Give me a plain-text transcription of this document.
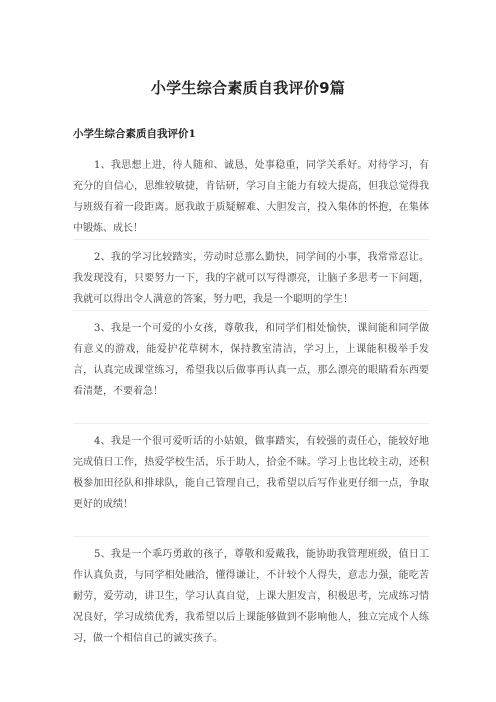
小学生综合素质自我评价9篇
小学生综合素质自我评价1

1、我思想上进，待人随和、诚恳，处事稳重，同学关系好。对待学习，有充分的自信心，思维较敏捷，肯钻研，学习自主能力有较大提高，但我总觉得我与班级有着一段距离。愿我敢于质疑解难、大胆发言，投入集体的怀抱，在集体中锻炼、成长！

2、我的学习比较踏实，劳动时总那么勤快，同学间的小事，我常常忍让。我发现没有，只要努力一下，我的字就可以写得漂亮，让脑子多思考一下问题，我就可以得出令人满意的答案，努力吧，我是一个聪明的学生！

3、我是一个可爱的小女孩，尊敬我，和同学们相处愉快，课间能和同学做有意义的游戏，能爱护花草树木，保持教室清洁，学习上，上课能积极举手发言，认真完成课堂练习，希望我以后做事再认真一点，那么漂亮的眼睛看东西要看清楚，不要着急！

4、我是一个很可爱听话的小姑娘，做事踏实，有较强的责任心，能较好地完成值日工作，热爱学校生活，乐于助人，拾金不昧。学习上也比较主动，还积极参加田径队和排球队，能自己管理自己，我希望以后写作业更仔细一点，争取更好的成绩！

5、我是一个乖巧勇敢的孩子，尊敬和爱戴我，能协助我管理班级，值日工作认真负责，与同学相处融洽，懂得谦让，不计较个人得失，意志力强，能吃苦耐劳，爱劳动，讲卫生，学习认真自觉，上课大胆发言，积极思考，完成练习情况良好，学习成绩优秀，我希望以后上课能够做到不影响他人，独立完成个人练习，做一个相信自己的诚实孩子。
